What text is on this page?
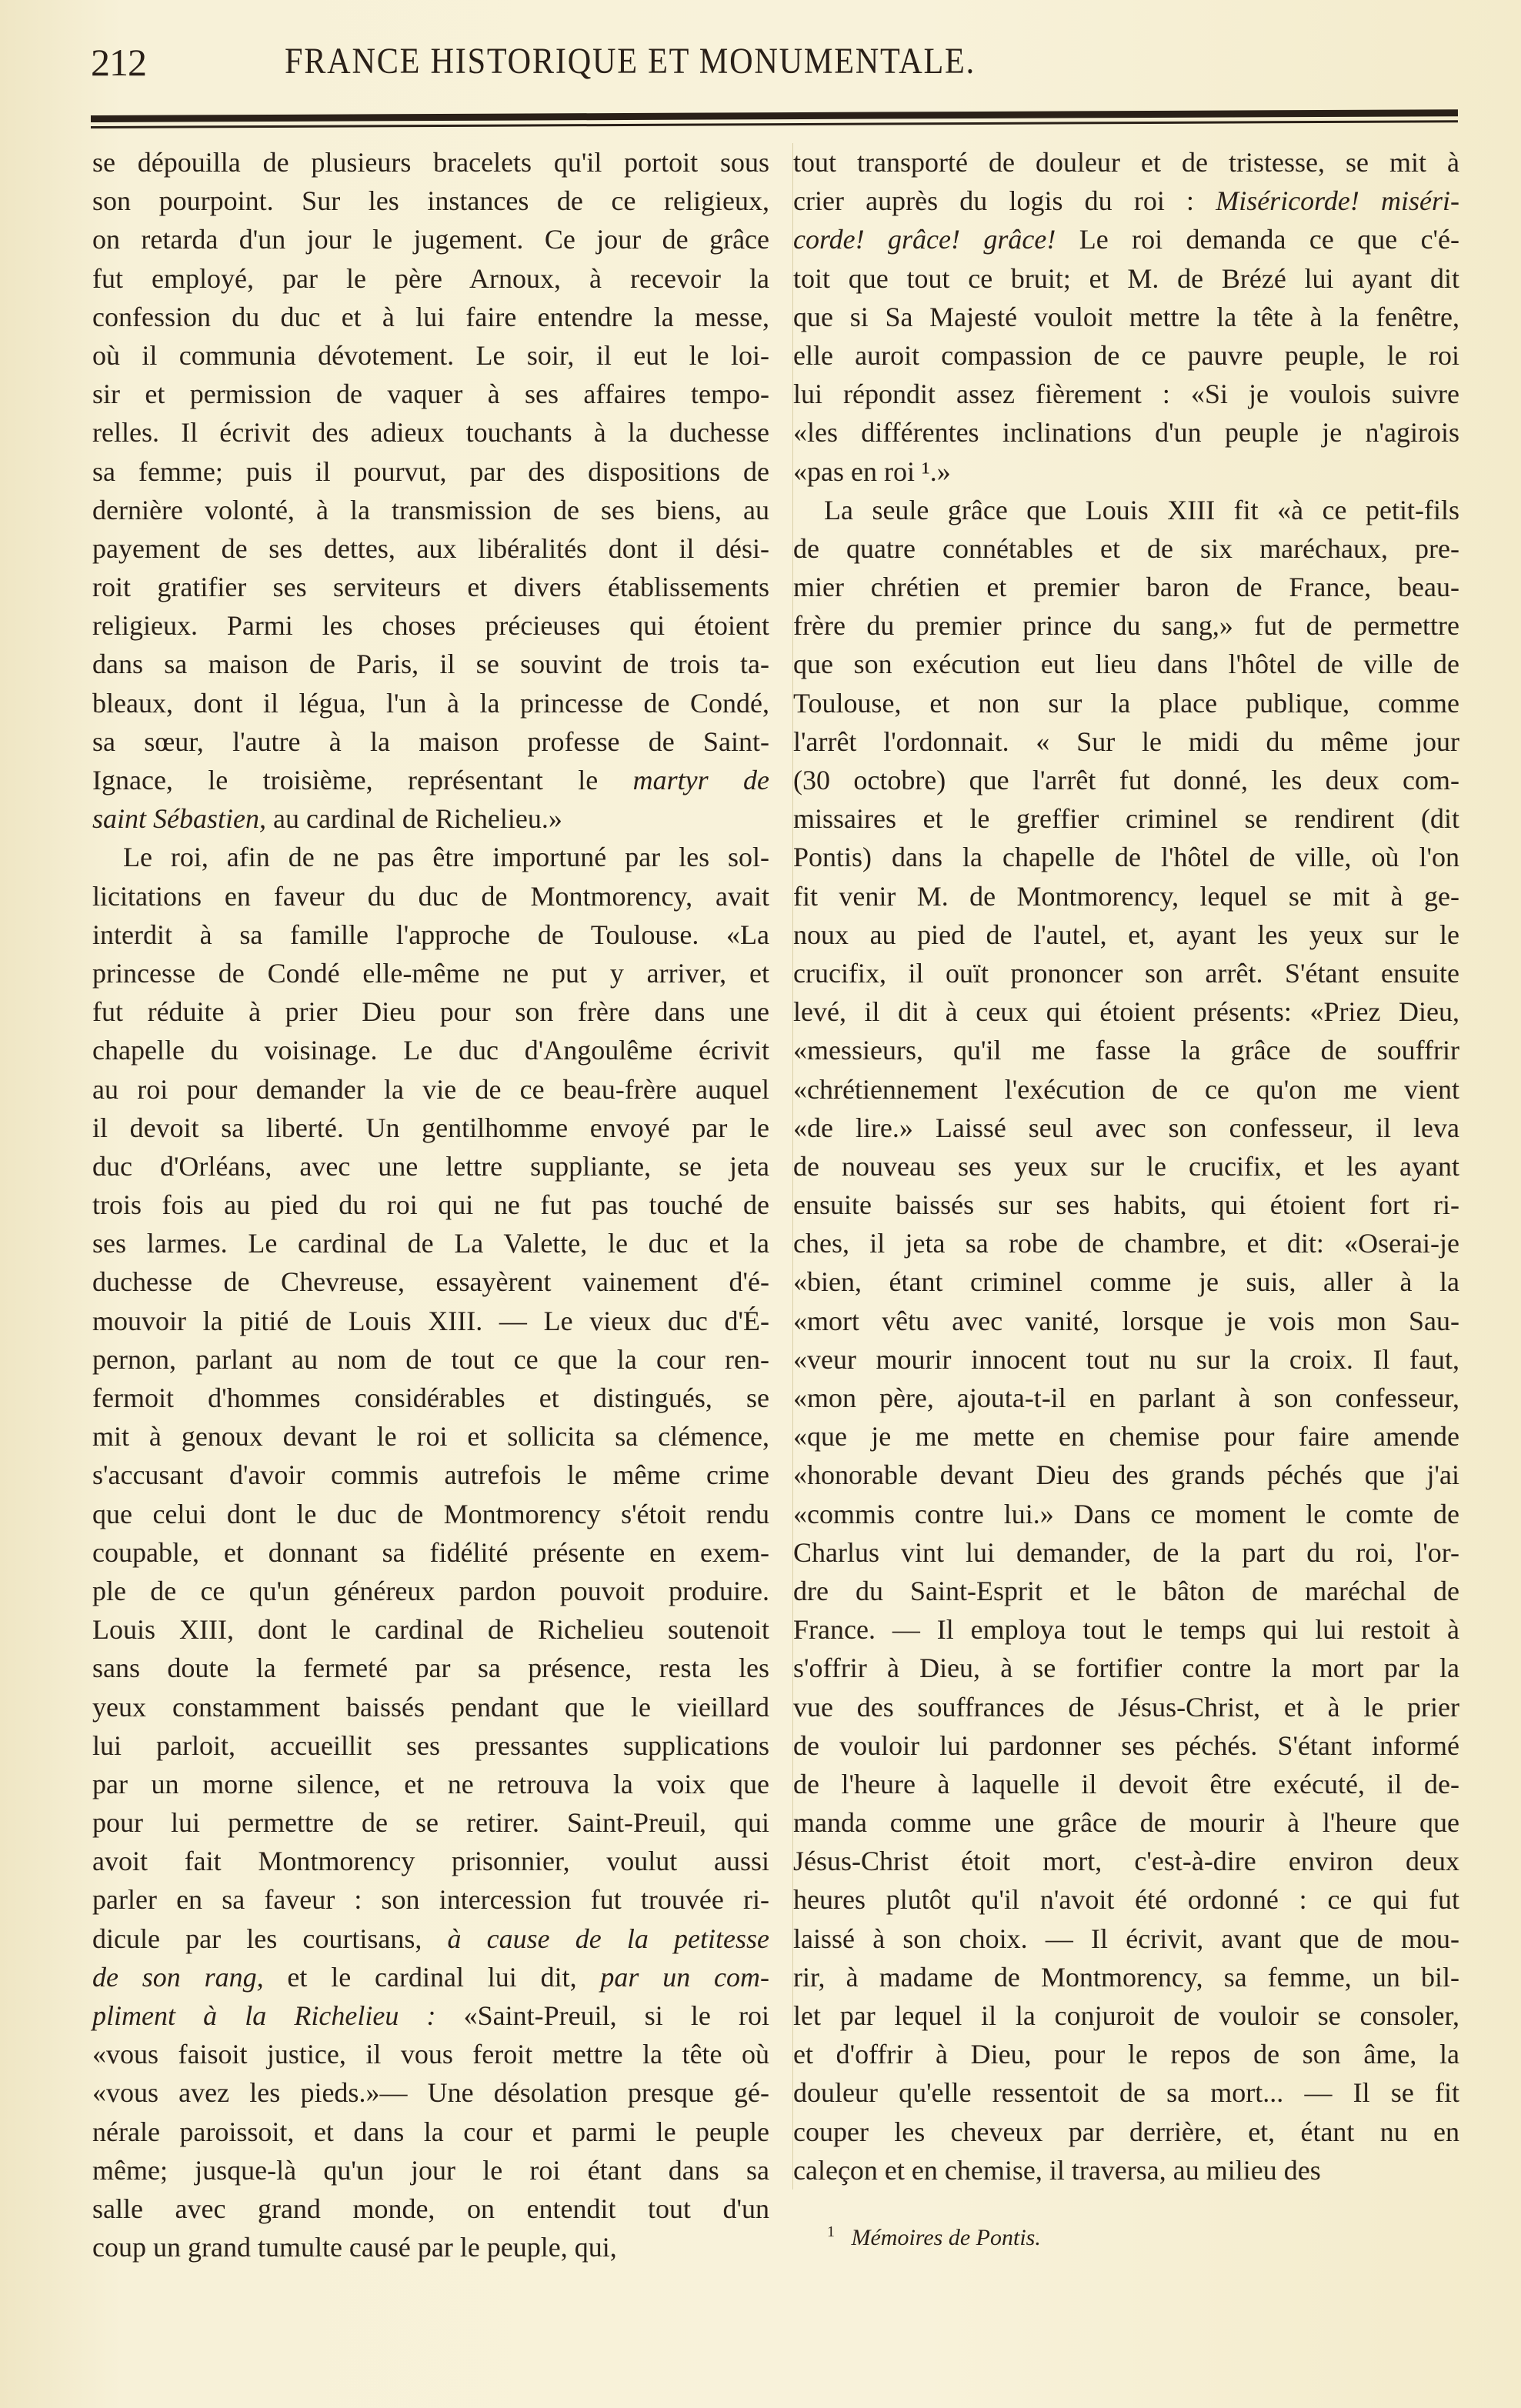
212	FRANCE HISTORIQUE ET MONUMENTALE.
se dépouilla de plusieurs bracelets qu'il portoit sous
son pourpoint. Sur les instances de ce religieux,
on retarda d'un jour le jugement. Ce jour de grâce
fut employé, par le père Arnoux, à recevoir la
confession du duc et à lui faire entendre la messe,
où il communia dévotement. Le soir, il eut le loi-
sir et permission de vaquer à ses affaires tempo-
relles. Il écrivit des adieux touchants à la duchesse
sa femme; puis il pourvut, par des dispositions de
dernière volonté, à la transmission de ses biens, au
payement de ses dettes, aux libéralités dont il dési-
roit gratifier ses serviteurs et divers établissements
religieux. Parmi les choses précieuses qui étoient
dans sa maison de Paris, il se souvint de trois ta-
bleaux, dont il légua, l'un à la princesse de Condé,
sa sœur, l'autre à la maison professe de Saint-
Ignace, le troisième, représentant le martyr de
saint Sébastien, au cardinal de Richelieu.»
Le roi, afin de ne pas être importuné par les sol-
licitations en faveur du duc de Montmorency, avait
interdit à sa famille l'approche de Toulouse. «La
princesse de Condé elle-même ne put y arriver, et
fut réduite à prier Dieu pour son frère dans une
chapelle du voisinage. Le duc d'Angoulême écrivit
au roi pour demander la vie de ce beau-frère auquel
il devoit sa liberté. Un gentilhomme envoyé par le
duc d'Orléans, avec une lettre suppliante, se jeta
trois fois au pied du roi qui ne fut pas touché de
ses larmes. Le cardinal de La Valette, le duc et la
duchesse de Chevreuse, essayèrent vainement d'é-
mouvoir la pitié de Louis XIII. — Le vieux duc d'É-
pernon, parlant au nom de tout ce que la cour ren-
fermoit d'hommes considérables et distingués, se
mit à genoux devant le roi et sollicita sa clémence,
s'accusant d'avoir commis autrefois le même crime
que celui dont le duc de Montmorency s'étoit rendu
coupable, et donnant sa fidélité présente en exem-
ple de ce qu'un généreux pardon pouvoit produire.
Louis XIII, dont le cardinal de Richelieu soutenoit
sans doute la fermeté par sa présence, resta les
yeux constamment baissés pendant que le vieillard
lui parloit, accueillit ses pressantes supplications
par un morne silence, et ne retrouva la voix que
pour lui permettre de se retirer. Saint-Preuil, qui
avoit fait Montmorency prisonnier, voulut aussi
parler en sa faveur : son intercession fut trouvée ri-
dicule par les courtisans, à cause de la petitesse
de son rang, et le cardinal lui dit, par un com-
pliment à la Richelieu : «Saint-Preuil, si le roi
«vous faisoit justice, il vous feroit mettre la tête où
«vous avez les pieds.»— Une désolation presque gé-
nérale paroissoit, et dans la cour et parmi le peuple
même; jusque-là qu'un jour le roi étant dans sa
salle avec grand monde, on entendit tout d'un
coup un grand tumulte causé par le peuple, qui,
tout transporté de douleur et de tristesse, se mit à
crier auprès du logis du roi : Miséricorde! miséri-
corde! grâce! grâce! Le roi demanda ce que c'é-
toit que tout ce bruit; et M. de Brézé lui ayant dit
que si Sa Majesté vouloit mettre la tête à la fenêtre,
elle auroit compassion de ce pauvre peuple, le roi
lui répondit assez fièrement : «Si je voulois suivre
«les différentes inclinations d'un peuple je n'agirois
«pas en roi ¹.»
La seule grâce que Louis XIII fit «à ce petit-fils
de quatre connétables et de six maréchaux, pre-
mier chrétien et premier baron de France, beau-
frère du premier prince du sang,» fut de permettre
que son exécution eut lieu dans l'hôtel de ville de
Toulouse, et non sur la place publique, comme
l'arrêt l'ordonnait. « Sur le midi du même jour
(30 octobre) que l'arrêt fut donné, les deux com-
missaires et le greffier criminel se rendirent (dit
Pontis) dans la chapelle de l'hôtel de ville, où l'on
fit venir M. de Montmorency, lequel se mit à ge-
noux au pied de l'autel, et, ayant les yeux sur le
crucifix, il ouït prononcer son arrêt. S'étant ensuite
levé, il dit à ceux qui étoient présents: «Priez Dieu,
«messieurs, qu'il me fasse la grâce de souffrir
«chrétiennement l'exécution de ce qu'on me vient
«de lire.» Laissé seul avec son confesseur, il leva
de nouveau ses yeux sur le crucifix, et les ayant
ensuite baissés sur ses habits, qui étoient fort ri-
ches, il jeta sa robe de chambre, et dit: «Oserai-je
«bien, étant criminel comme je suis, aller à la
«mort vêtu avec vanité, lorsque je vois mon Sau-
«veur mourir innocent tout nu sur la croix. Il faut,
«mon père, ajouta-t-il en parlant à son confesseur,
«que je me mette en chemise pour faire amende
«honorable devant Dieu des grands péchés que j'ai
«commis contre lui.» Dans ce moment le comte de
Charlus vint lui demander, de la part du roi, l'or-
dre du Saint-Esprit et le bâton de maréchal de
France. — Il employa tout le temps qui lui restoit à
s'offrir à Dieu, à se fortifier contre la mort par la
vue des souffrances de Jésus-Christ, et à le prier
de vouloir lui pardonner ses péchés. S'étant informé
de l'heure à laquelle il devoit être exécuté, il de-
manda comme une grâce de mourir à l'heure que
Jésus-Christ étoit mort, c'est-à-dire environ deux
heures plutôt qu'il n'avoit été ordonné : ce qui fut
laissé à son choix. — Il écrivit, avant que de mou-
rir, à madame de Montmorency, sa femme, un bil-
let par lequel il la conjuroit de vouloir se consoler,
et d'offrir à Dieu, pour le repos de son âme, la
douleur qu'elle ressentoit de sa mort... — Il se fit
couper les cheveux par derrière, et, étant nu en
caleçon et en chemise, il traversa, au milieu des
$^1$ Mémoires de Pontis.
